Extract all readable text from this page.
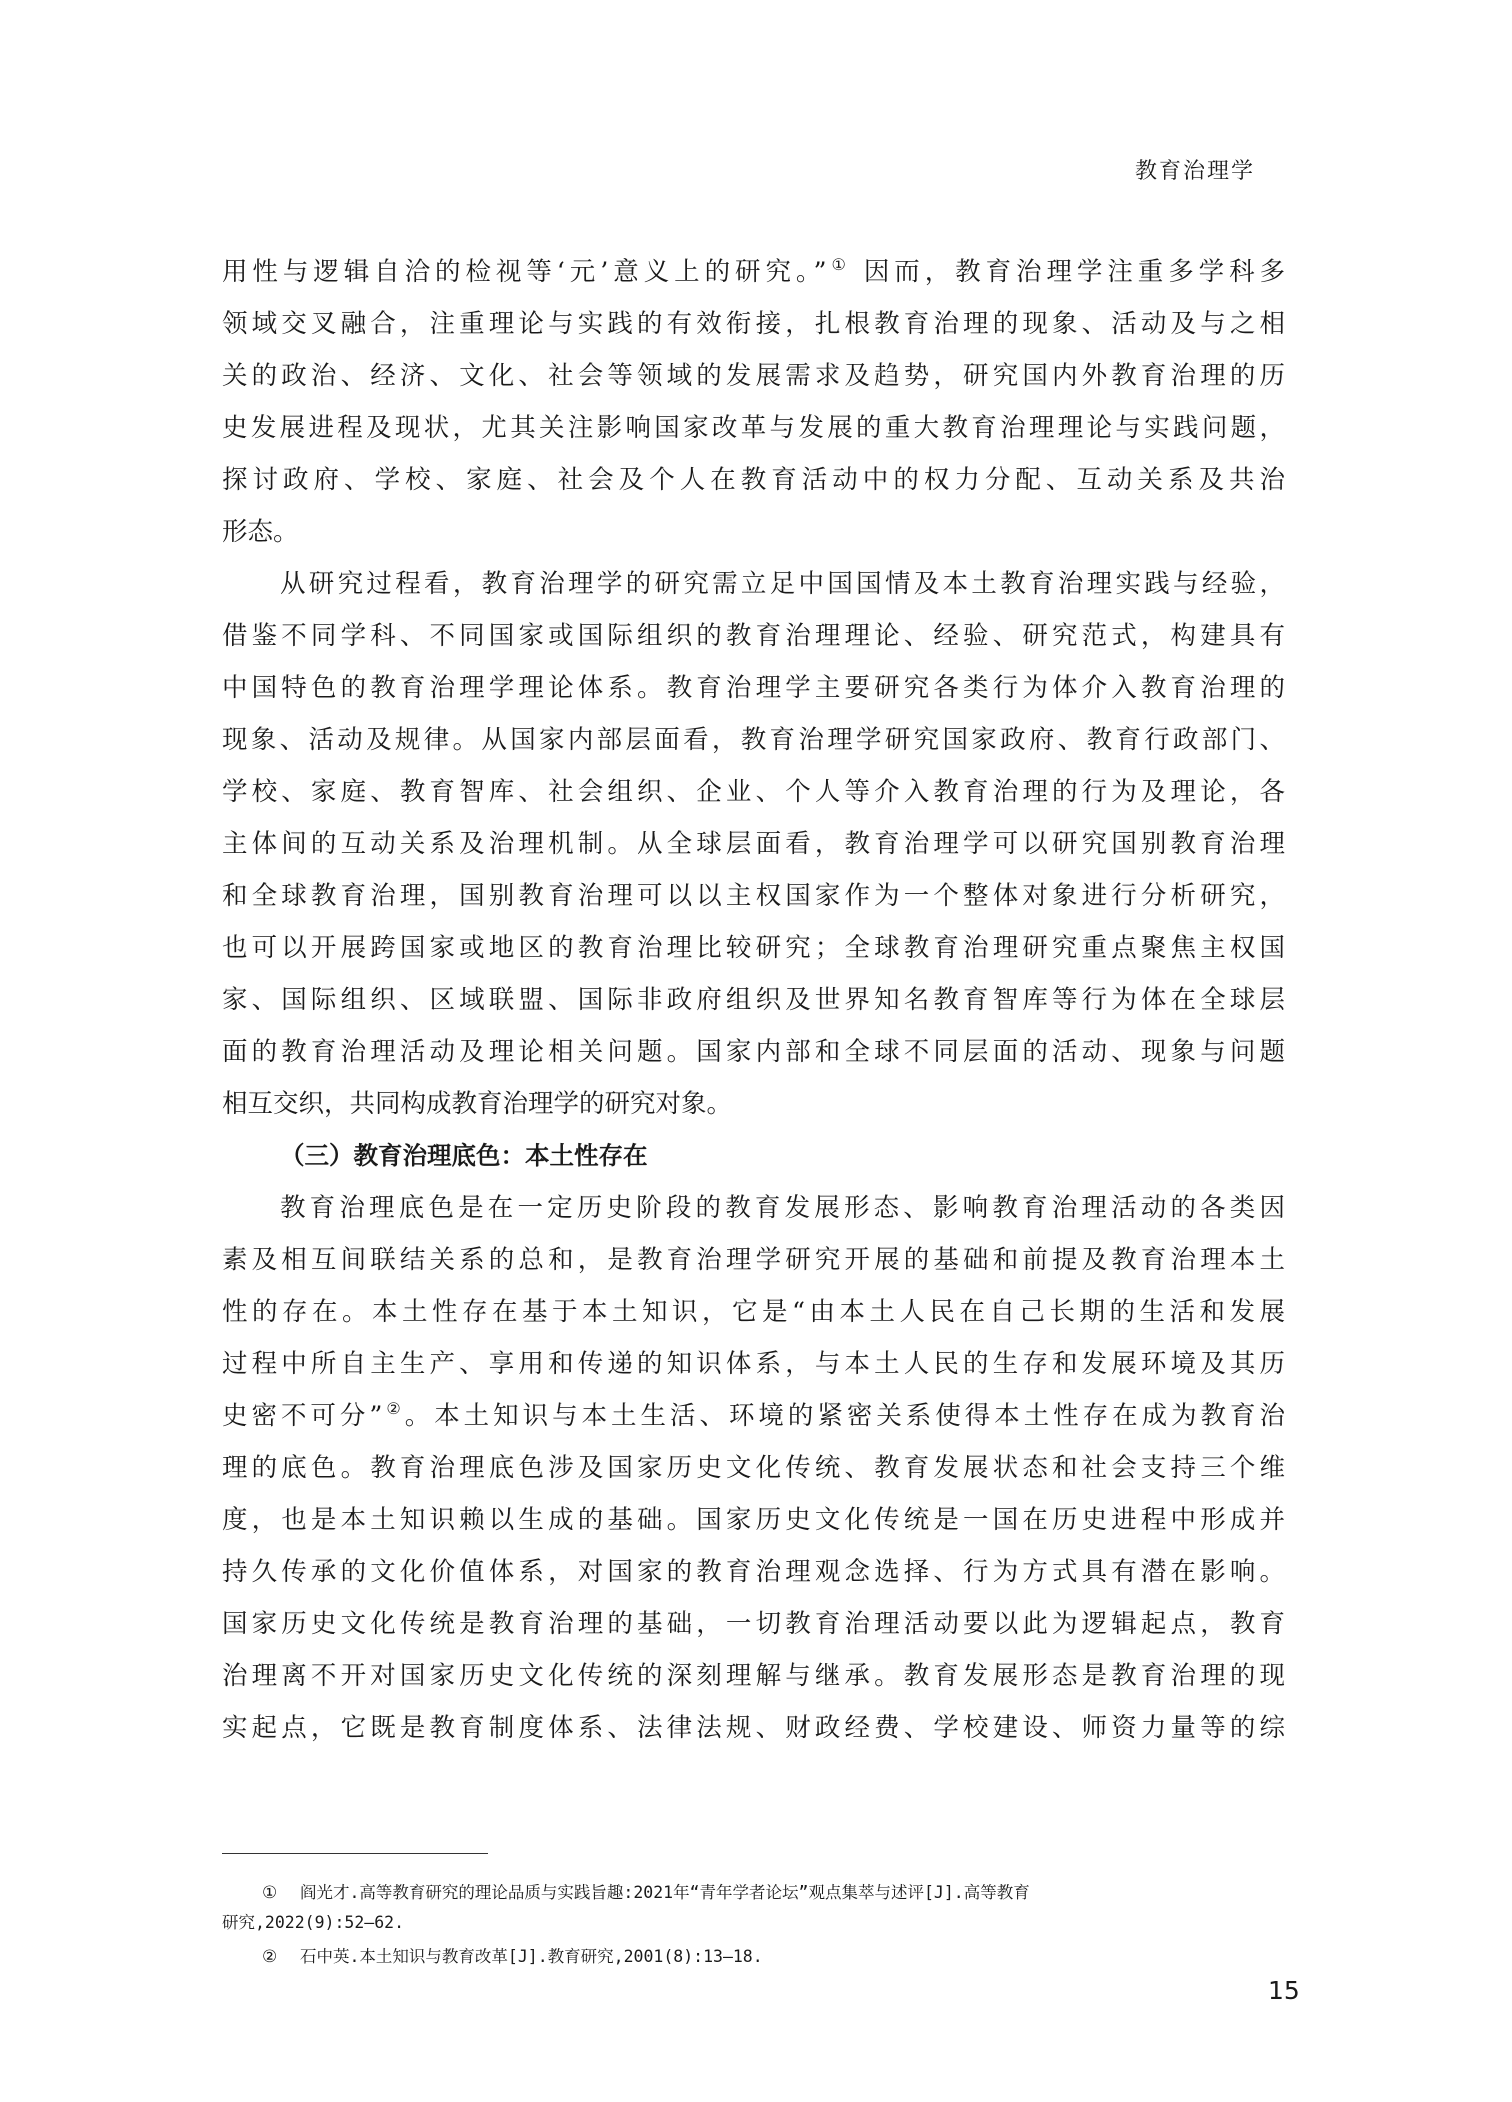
教育治理学
用性与逻辑自洽的检视等‘元’意义上的研究。”① 因而，教育治理学注重多学科多
领域交叉融合，注重理论与实践的有效衔接，扎根教育治理的现象、活动及与之相
关的政治、经济、文化、社会等领域的发展需求及趋势，研究国内外教育治理的历
史发展进程及现状，尤其关注影响国家改革与发展的重大教育治理理论与实践问题，
探讨政府、学校、家庭、社会及个人在教育活动中的权力分配、互动关系及共治
形态。
从研究过程看，教育治理学的研究需立足中国国情及本土教育治理实践与经验，
借鉴不同学科、不同国家或国际组织的教育治理理论、经验、研究范式，构建具有
中国特色的教育治理学理论体系。教育治理学主要研究各类行为体介入教育治理的
现象、活动及规律。从国家内部层面看，教育治理学研究国家政府、教育行政部门、
学校、家庭、教育智库、社会组织、企业、个人等介入教育治理的行为及理论，各
主体间的互动关系及治理机制。从全球层面看，教育治理学可以研究国别教育治理
和全球教育治理，国别教育治理可以以主权国家作为一个整体对象进行分析研究，
也可以开展跨国家或地区的教育治理比较研究；全球教育治理研究重点聚焦主权国
家、国际组织、区域联盟、国际非政府组织及世界知名教育智库等行为体在全球层
面的教育治理活动及理论相关问题。国家内部和全球不同层面的活动、现象与问题
相互交织，共同构成教育治理学的研究对象。
（三）教育治理底色：本土性存在
教育治理底色是在一定历史阶段的教育发展形态、影响教育治理活动的各类因
素及相互间联结关系的总和，是教育治理学研究开展的基础和前提及教育治理本土
性的存在。本土性存在基于本土知识，它是“由本土人民在自己长期的生活和发展
过程中所自主生产、享用和传递的知识体系，与本土人民的生存和发展环境及其历
史密不可分”②。本土知识与本土生活、环境的紧密关系使得本土性存在成为教育治
理的底色。教育治理底色涉及国家历史文化传统、教育发展状态和社会支持三个维
度，也是本土知识赖以生成的基础。国家历史文化传统是一国在历史进程中形成并
持久传承的文化价值体系，对国家的教育治理观念选择、行为方式具有潜在影响。
国家历史文化传统是教育治理的基础，一切教育治理活动要以此为逻辑起点，教育
治理离不开对国家历史文化传统的深刻理解与继承。教育发展形态是教育治理的现
实起点，它既是教育制度体系、法律法规、财政经费、学校建设、师资力量等的综
① 阎光才.高等教育研究的理论品质与实践旨趣:2021年“青年学者论坛”观点集萃与述评[J].高等教育
研究,2022(9):52—62.
② 石中英.本土知识与教育改革[J].教育研究,2001(8):13—18.
15
